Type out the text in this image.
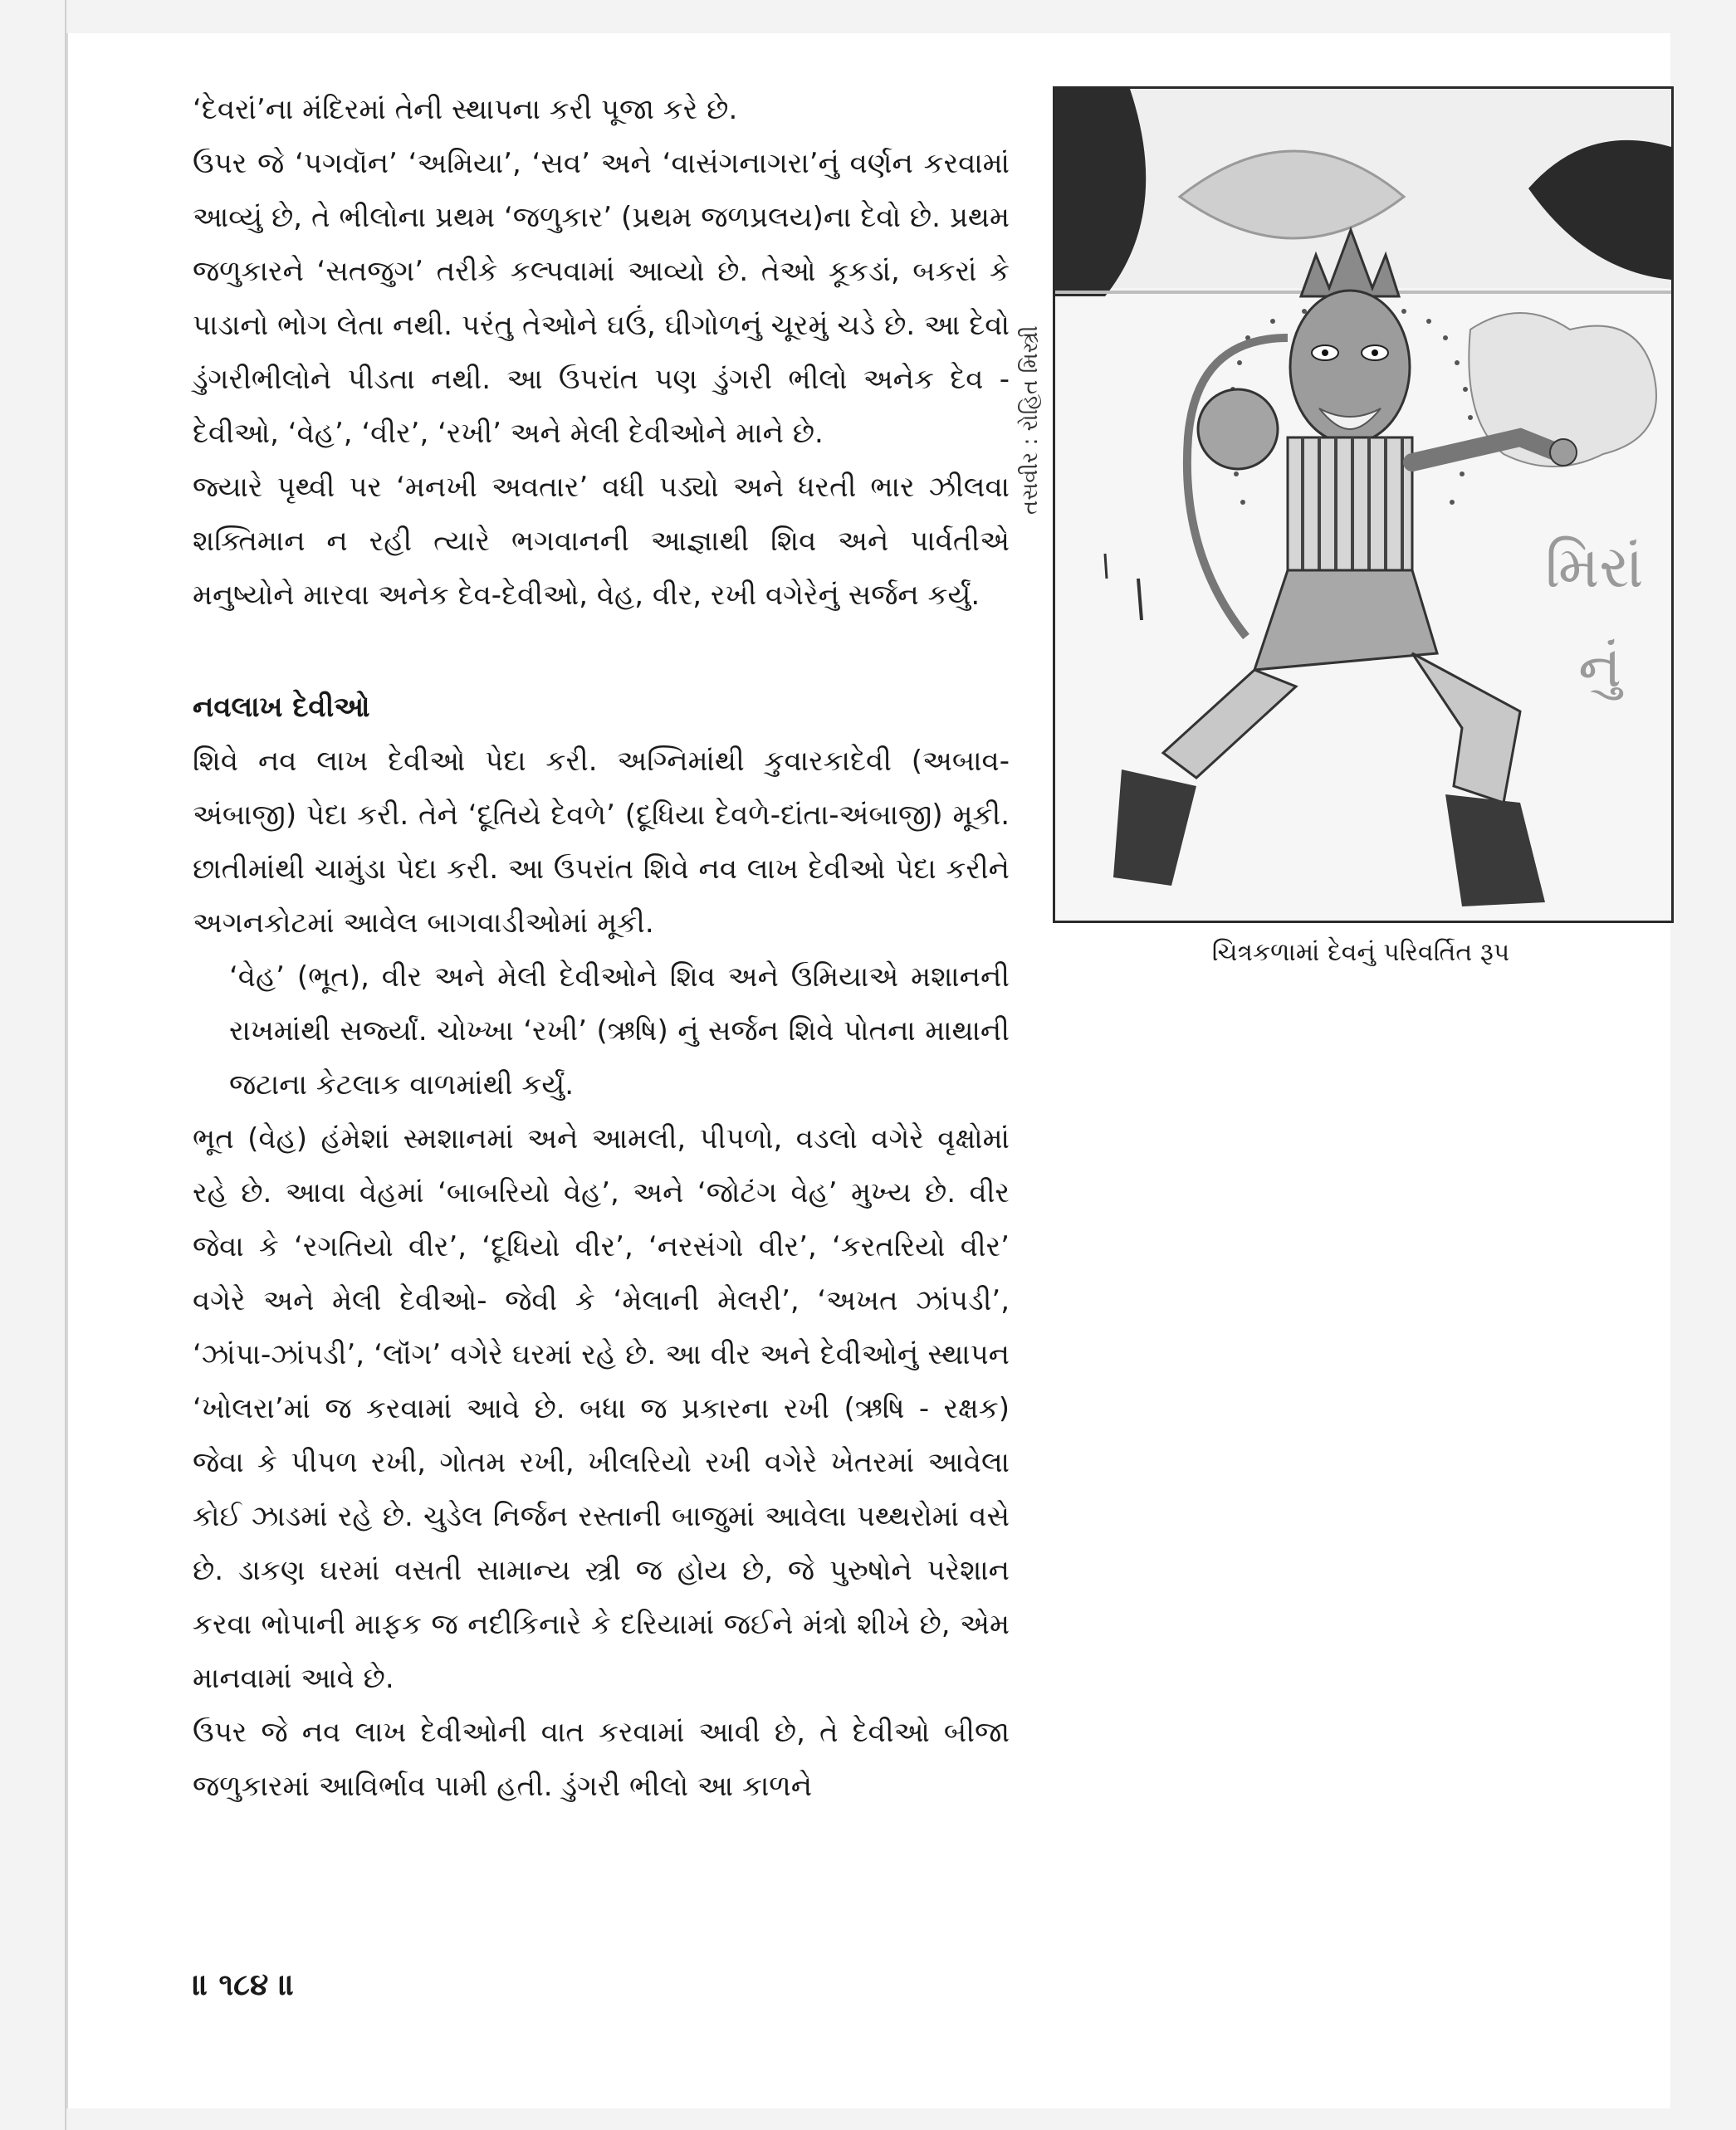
‘દેવરાં’ના મંદિરમાં તેની સ્થાપના કરી પૂજા કરે છે.

ઉપર જે ‘પગવૉન’ ‘અમિયા’, ‘સવ’ અને ‘વાસંગનાગરા’નું વર્ણન કરવામાં આવ્યું છે, તે ભીલોના પ્રથમ ‘જળુકાર’ (પ્રથમ જળપ્રલય)ના દેવો છે. પ્રથમ જળુકારને ‘સતજુગ’ તરીકે કલ્પવામાં આવ્યો છે. તેઓ કૂકડાં, બકરાં કે પાડાનો ભોગ લેતા નથી. પરંતુ તેઓને ઘઉં, ઘીગોળનું ચૂરમું ચડે છે. આ દેવો ડુંગરીભીલોને પીડતા નથી. આ ઉપરાંત પણ ડુંગરી ભીલો અનેક દેવ - દેવીઓ, ‘વેહ’, ‘વીર’, ‘રખી’ અને મેલી દેવીઓને માને છે.

જ્યારે પૃથ્વી પર ‘મનખી અવતાર’ વધી પડ્યો અને ધરતી ભાર ઝીલવા શક્તિમાન ન રહી ત્યારે ભગવાનની આજ્ઞાથી શિવ અને પાર્વતીએ મનુષ્યોને મારવા અનેક દેવ-દેવીઓ, વેહ, વીર, રખી વગેરેનું સર્જન કર્યું.

નવલાખ દેવીઓ

શિવે નવ લાખ દેવીઓ પેદા કરી. અગ્નિમાંથી કુવારકાદેવી (અબાવ-અંબાજી) પેદા કરી. તેને ‘દૂતિયે દેવળે’ (દૂધિયા દેવળે-દાંતા-અંબાજી) મૂકી. છાતીમાંથી ચામુંડા પેદા કરી. આ ઉપરાંત શિવે નવ લાખ દેવીઓ પેદા કરીને અગનકોટમાં આવેલ બાગવાડીઓમાં મૂકી.

‘વેહ’ (ભૂત), વીર અને મેલી દેવીઓને શિવ અને ઉમિયાએ મશાનની રાખમાંથી સર્જ્યાં. ચોખ્ખા ‘રખી’ (ઋષિ) નું સર્જન શિવે પોતના માથાની જટાના કેટલાક વાળમાંથી કર્યું.

ભૂત (વેહ) હંમેશાં સ્મશાનમાં અને આમલી, પીપળો, વડલો વગેરે વૃક્ષોમાં રહે છે. આવા વેહમાં ‘બાબરિયો વેહ’, અને ‘જોટંગ વેહ’ મુખ્ય છે. વીર જેવા કે ‘રગતિયો વીર’, ‘દૂધિયો વીર’, ‘નરસંગો વીર’, ‘કરતરિયો વીર’ વગેરે અને મેલી દેવીઓ- જેવી કે ‘મેલાની મેલરી’, ‘અખત ઝાંપડી’, ‘ઝાંપા-ઝાંપડી’, ‘લૉંગ’ વગેરે ઘરમાં રહે છે. આ વીર અને દેવીઓનું સ્થાપન ‘ખોલરા’માં જ કરવામાં આવે છે. બધા જ પ્રકારના રખી (ઋષિ - રક્ષક) જેવા કે પીપળ રખી, ગોતમ રખી, ખીલરિયો રખી વગેરે ખેતરમાં આવેલા કોઈ ઝાડમાં રહે છે. ચુડેલ નિર્જન રસ્તાની બાજુમાં આવેલા પથ્થરોમાં વસે છે. ડાકણ ઘરમાં વસતી સામાન્ય સ્ત્રી જ હોય છે, જે પુરુષોને પરેશાન કરવા ભોપાની માફક જ નદીકિનારે કે દરિયામાં જઈને મંત્રો શીખે છે, એમ માનવામાં આવે છે.

ઉપર જે નવ લાખ દેવીઓની વાત કરવામાં આવી છે, તે દેવીઓ બીજા જળુકારમાં આવિર્ભાવ પામી હતી. ડુંગરી ભીલો આ કાળને

મિરાં
નું
તસવીર : રોહિત મિસ્ત્રી
ચિત્રકળામાં દેવનું પરિવર્તિત રૂપ
॥ ૧૮૪ ॥
